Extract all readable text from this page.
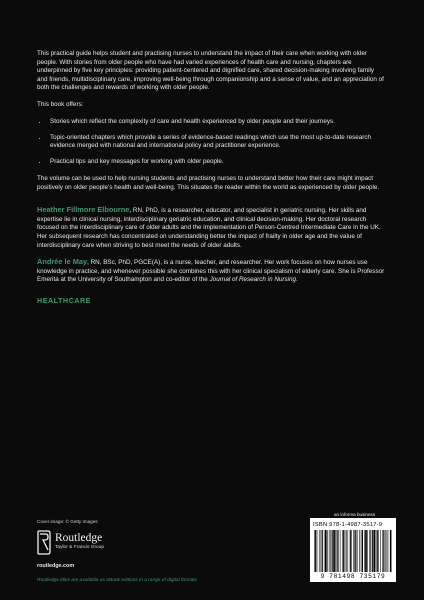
This practical guide helps student and practising nurses to understand the impact of their care when working with older people. With stories from older people who have had varied experiences of health care and nursing, chapters are underpinned by five key principles: providing patient-centered and dignified care, shared decision-making involving family and friends, multidisciplinary care, improving well-being through companionship and a sense of value, and an appreciation of both the challenges and rewards of working with older people.

This book offers:

• Stories which reflect the complexity of care and health experienced by older people and their journeys.
• Topic-oriented chapters which provide a series of evidence-based readings which use the most up-to-date research evidence merged with national and international policy and practitioner experience.
• Practical tips and key messages for working with older people.

The volume can be used to help nursing students and practising nurses to understand better how their care might impact positively on older people’s health and well-being. This situates the reader within the world as experienced by older people.

Heather Fillmore Elbourne, RN, PhD, is a researcher, educator, and specialist in geriatric nursing. Her skills and expertise lie in clinical nursing, interdisciplinary geriatric education, and clinical decision-making. Her doctoral research focused on the interdisciplinary care of older adults and the implementation of Person-Centred Intermediate Care in the UK. Her subsequent research has concentrated on understanding better the impact of frailty in older age and the value of interdisciplinary care when striving to best meet the needs of older adults.

Andrée le May, RN, BSc, PhD, PGCE(A), is a nurse, teacher, and researcher. Her work focuses on how nurses use knowledge in practice, and whenever possible she combines this with her clinical specialism of elderly care. She is Professor Emerita at the University of Southampton and co-editor of the Journal of Research in Nursing.

HEALTHCARE
Cover image: © Getty Images
Routledge
Taylor & Francis Group
routledge.com
an informa business
ISBN 978-1-4987-3517-9
9 781498 735179
Routledge titles are available as eBook editions in a range of digital formats
